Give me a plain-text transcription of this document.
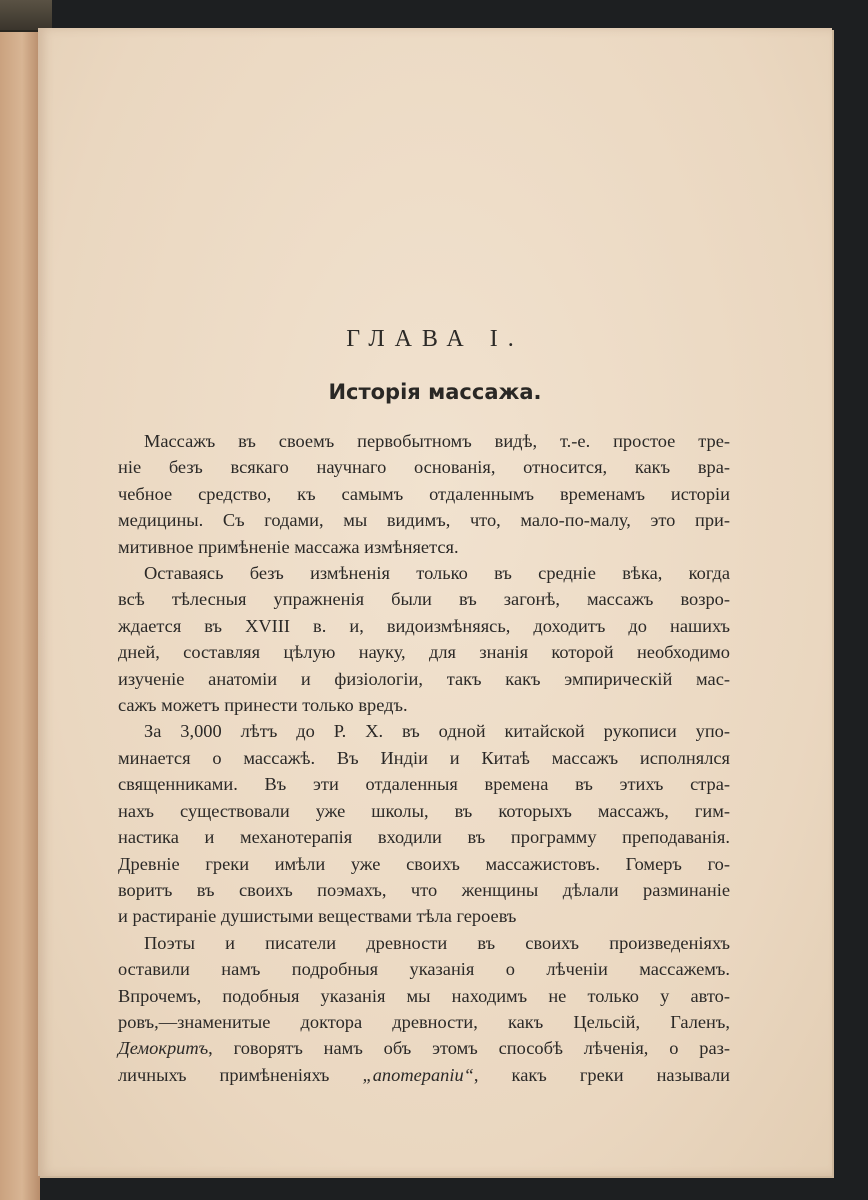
ГЛАВА I.
Исторія массажа.
Массажъ въ своемъ первобытномъ видѣ, т.-е. простое тре-
ніе безъ всякаго научнаго основанія, относится, какъ вра-
чебное средство, къ самымъ отдаленнымъ временамъ исторіи
медицины. Съ годами, мы видимъ, что, мало-по-малу, это при-
митивное примѣненіе массажа измѣняется.
Оставаясь безъ измѣненія только въ средніе вѣка, когда
всѣ тѣлесныя упражненія были въ загонѣ, массажъ возро-
ждается въ XVIII в. и, видоизмѣняясь, доходитъ до нашихъ
дней, составляя цѣлую науку, для знанія которой необходимо
изученіе анатоміи и физіологіи, такъ какъ эмпирическій мас-
сажъ можетъ принести только вредъ.
За 3,000 лѣтъ до Р. Х. въ одной китайской рукописи упо-
минается о массажѣ. Въ Индіи и Китаѣ массажъ исполнялся
священниками. Въ эти отдаленныя времена въ этихъ стра-
нахъ существовали уже школы, въ которыхъ массажъ, гим-
настика и механотерапія входили въ программу преподаванія.
Древніе греки имѣли уже своихъ массажистовъ. Гомеръ го-
воритъ въ своихъ поэмахъ, что женщины дѣлали разминаніе
и растираніе душистыми веществами тѣла героевъ
Поэты и писатели древности въ своихъ произведеніяхъ
оставили намъ подробныя указанія о лѣченіи массажемъ.
Впрочемъ, подобныя указанія мы находимъ не только у авто-
ровъ,—знаменитые доктора древности, какъ Цельсій, Галенъ,
Демокритъ, говорятъ намъ объ этомъ способѣ лѣченія, о раз-
личныхъ примѣненіяхъ „апотерапіи“, какъ греки называли
